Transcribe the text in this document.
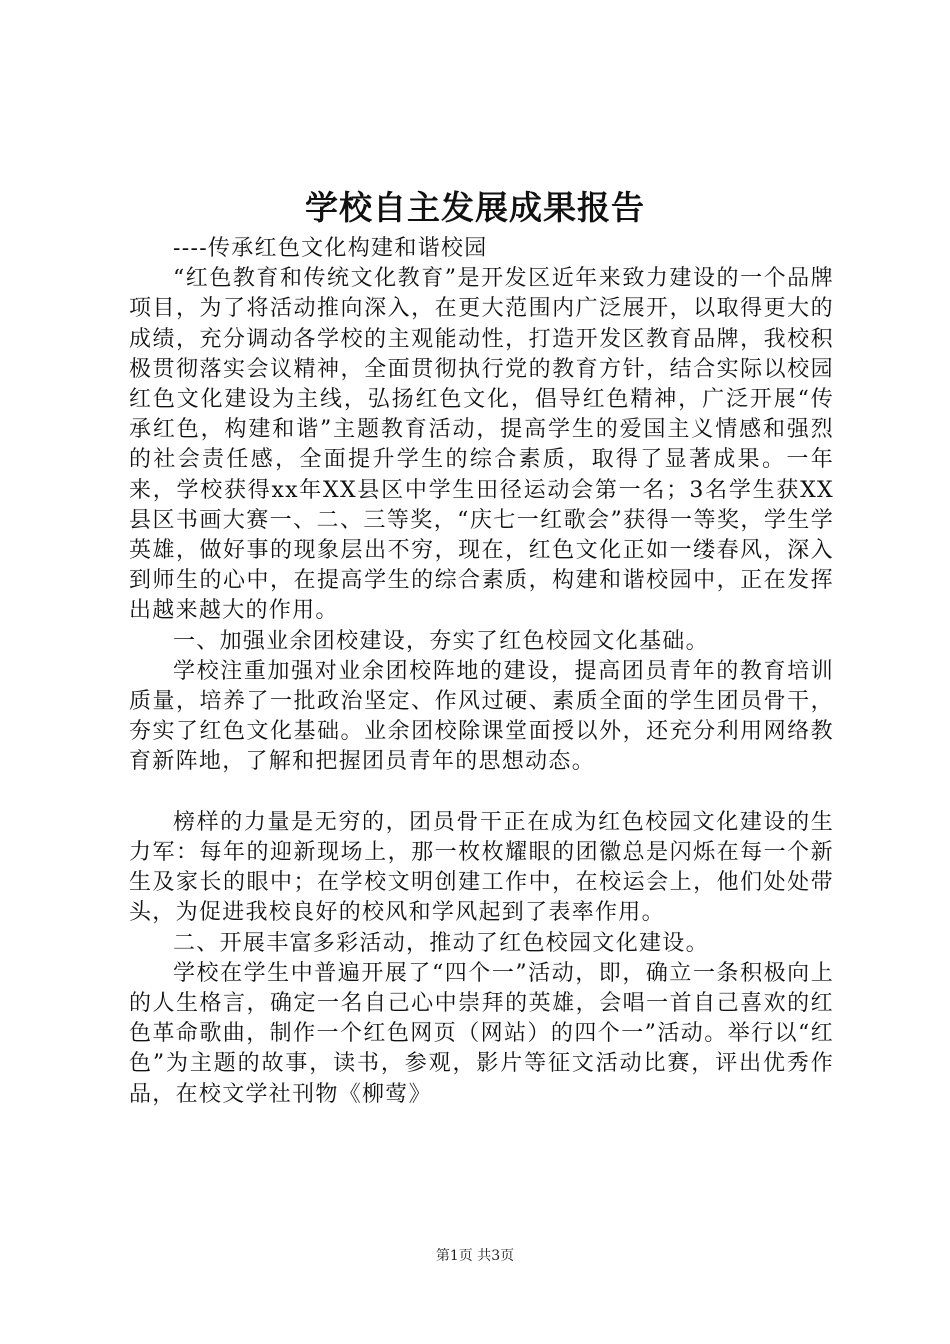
学校自主发展成果报告

----传承红色文化构建和谐校园

“红色教育和传统文化教育”是开发区近年来致力建设的一个品牌项目，为了将活动推向深入，在更大范围内广泛展开，以取得更大的成绩，充分调动各学校的主观能动性，打造开发区教育品牌，我校积极贯彻落实会议精神，全面贯彻执行党的教育方针，结合实际以校园红色文化建设为主线，弘扬红色文化，倡导红色精神，广泛开展“传承红色，构建和谐”主题教育活动，提高学生的爱国主义情感和强烈的社会责任感，全面提升学生的综合素质，取得了显著成果。一年来，学校获得xx年XX县区中学生田径运动会第一名；3名学生获XX县区书画大赛一、二、三等奖，“庆七一红歌会”获得一等奖，学生学英雄，做好事的现象层出不穷，现在，红色文化正如一缕春风，深入到师生的心中，在提高学生的综合素质，构建和谐校园中，正在发挥出越来越大的作用。

一、加强业余团校建设，夯实了红色校园文化基础。

学校注重加强对业余团校阵地的建设，提高团员青年的教育培训质量，培养了一批政治坚定、作风过硬、素质全面的学生团员骨干，夯实了红色文化基础。业余团校除课堂面授以外，还充分利用网络教育新阵地，了解和把握团员青年的思想动态。

榜样的力量是无穷的，团员骨干正在成为红色校园文化建设的生力军：每年的迎新现场上，那一枚枚耀眼的团徽总是闪烁在每一个新生及家长的眼中；在学校文明创建工作中，在校运会上，他们处处带头，为促进我校良好的校风和学风起到了表率作用。

二、开展丰富多彩活动，推动了红色校园文化建设。

学校在学生中普遍开展了“四个一”活动，即，确立一条积极向上的人生格言，确定一名自己心中崇拜的英雄，会唱一首自己喜欢的红色革命歌曲，制作一个红色网页（网站）的四个一”活动。举行以“红色”为主题的故事，读书，参观，影片等征文活动比赛，评出优秀作品，在校文学社刊物《柳莺》

第1页 共3页
